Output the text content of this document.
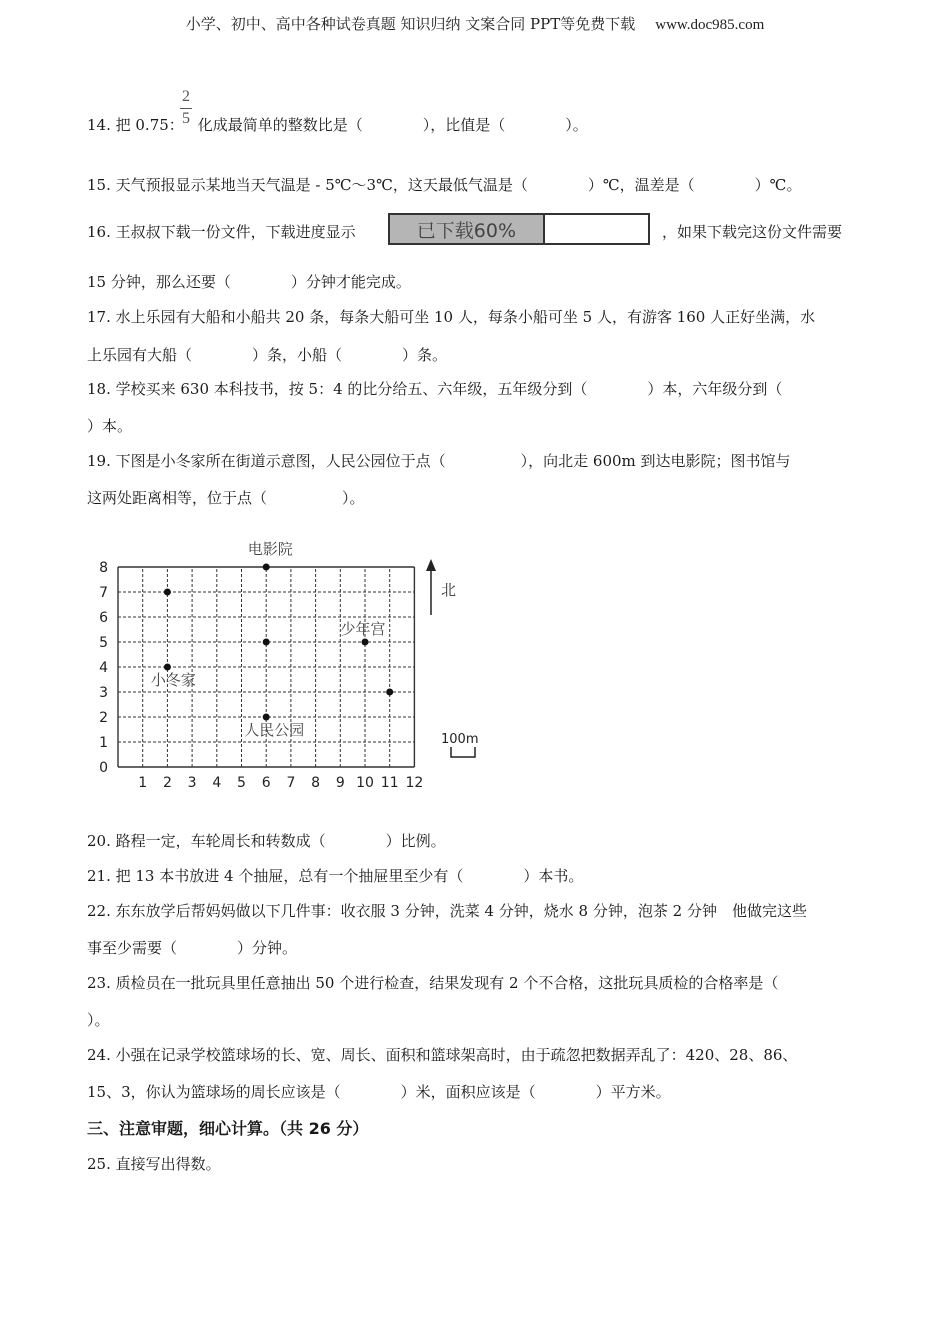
小学、初中、高中各种试卷真题 知识归纳 文案合同 PPT等免费下载 www.doc985.com
2
5
14. 把 0.75： 化成最简单的整数比是（　　　　），比值是（　　　　）。
15. 天气预报显示某地当天气温是 - 5℃～3℃，这天最低气温是（　　　　）℃，温差是（　　　　）℃。
16. 王叔叔下载一份文件，下载进度显示	已下载60%	，如果下载完这份文件需要
15 分钟，那么还要（　　　　）分钟才能完成。
17. 水上乐园有大船和小船共 20 条，每条大船可坐 10 人，每条小船可坐 5 人，有游客 160 人正好坐满，水
上乐园有大船（　　　　）条，小船（　　　　）条。
18. 学校买来 630 本科技书，按 5：4 的比分给五、六年级，五年级分到（　　　　）本，六年级分到（
）本。
19. 下图是小冬家所在街道示意图，人民公园位于点（　　　　　），向北走 600m 到达电影院；图书馆与
这两处距离相等，位于点（　　　　　）。
1 2 3 4 5 6 7 8 9 10 11 12
0
1
2
3
4
5
6
7
8
电影院
少年宫
小冬家
人民公园
北
100m
20. 路程一定，车轮周长和转数成（　　　　）比例。
21. 把 13 本书放进 4 个抽屉，总有一个抽屉里至少有（　　　　）本书。
22. 东东放学后帮妈妈做以下几件事：收衣服 3 分钟，洗菜 4 分钟，烧水 8 分钟，泡茶 2 分钟　他做完这些
事至少需要（　　　　）分钟。
23. 质检员在一批玩具里任意抽出 50 个进行检查，结果发现有 2 个不合格，这批玩具质检的合格率是（
）。
24. 小强在记录学校篮球场的长、宽、周长、面积和篮球架高时，由于疏忽把数据弄乱了：420、28、86、
15、3，你认为篮球场的周长应该是（　　　　）米，面积应该是（　　　　）平方米。
三、注意审题，细心计算。（共 26 分）
25. 直接写出得数。
